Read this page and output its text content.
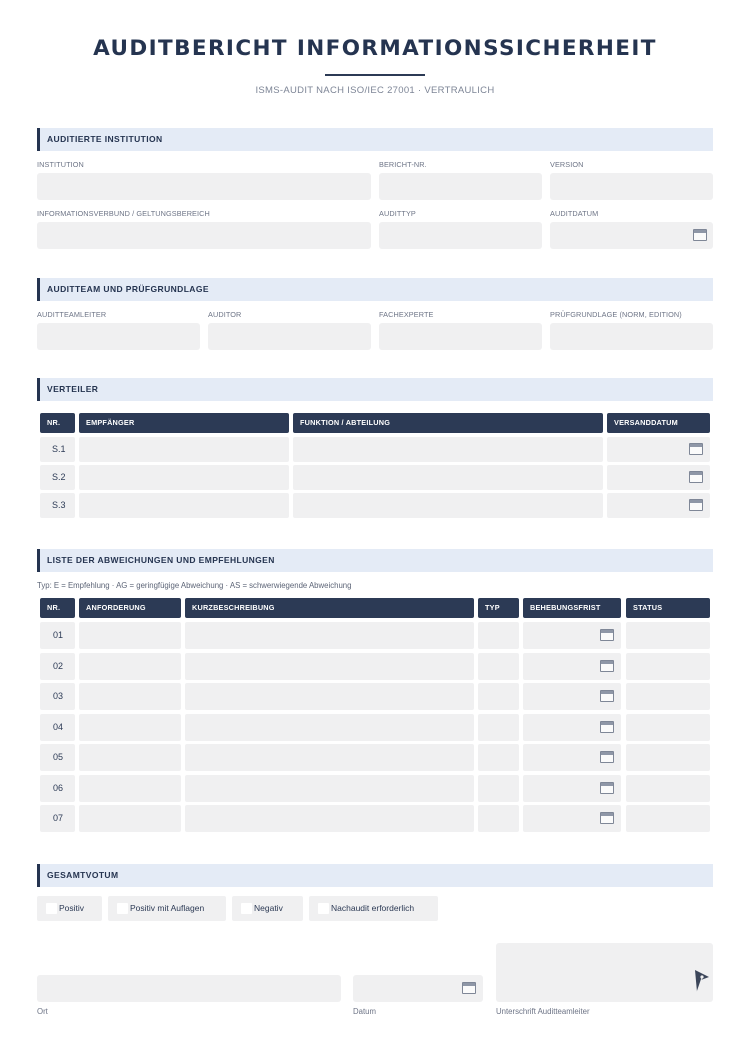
AUDITBERICHT INFORMATIONSSICHERHEIT
ISMS-AUDIT NACH ISO/IEC 27001 · VERTRAULICH
AUDITIERTE INSTITUTION
INSTITUTION	BERICHT-NR.	VERSION
INFORMATIONSVERBUND / GELTUNGSBEREICH	AUDITTYP	AUDITDATUM
AUDITTEAM UND PRÜFGRUNDLAGE
AUDITTEAMLEITER	AUDITOR	FACHEXPERTE	PRÜFGRUNDLAGE (NORM, EDITION)
VERTEILER
NR.	EMPFÄNGER	FUNKTION / ABTEILUNG	VERSANDDATUM
S.1
S.2
S.3
LISTE DER ABWEICHUNGEN UND EMPFEHLUNGEN
Typ: E = Empfehlung · AG = geringfügige Abweichung · AS = schwerwiegende Abweichung
NR.	ANFORDERUNG	KURZBESCHREIBUNG	TYP	BEHEBUNGSFRIST	STATUS
01
02
03
04
05
06
07
GESAMTVOTUM
Positiv	Positiv mit Auflagen	Negativ	Nachaudit erforderlich
Ort	Datum	Unterschrift Auditteamleiter
